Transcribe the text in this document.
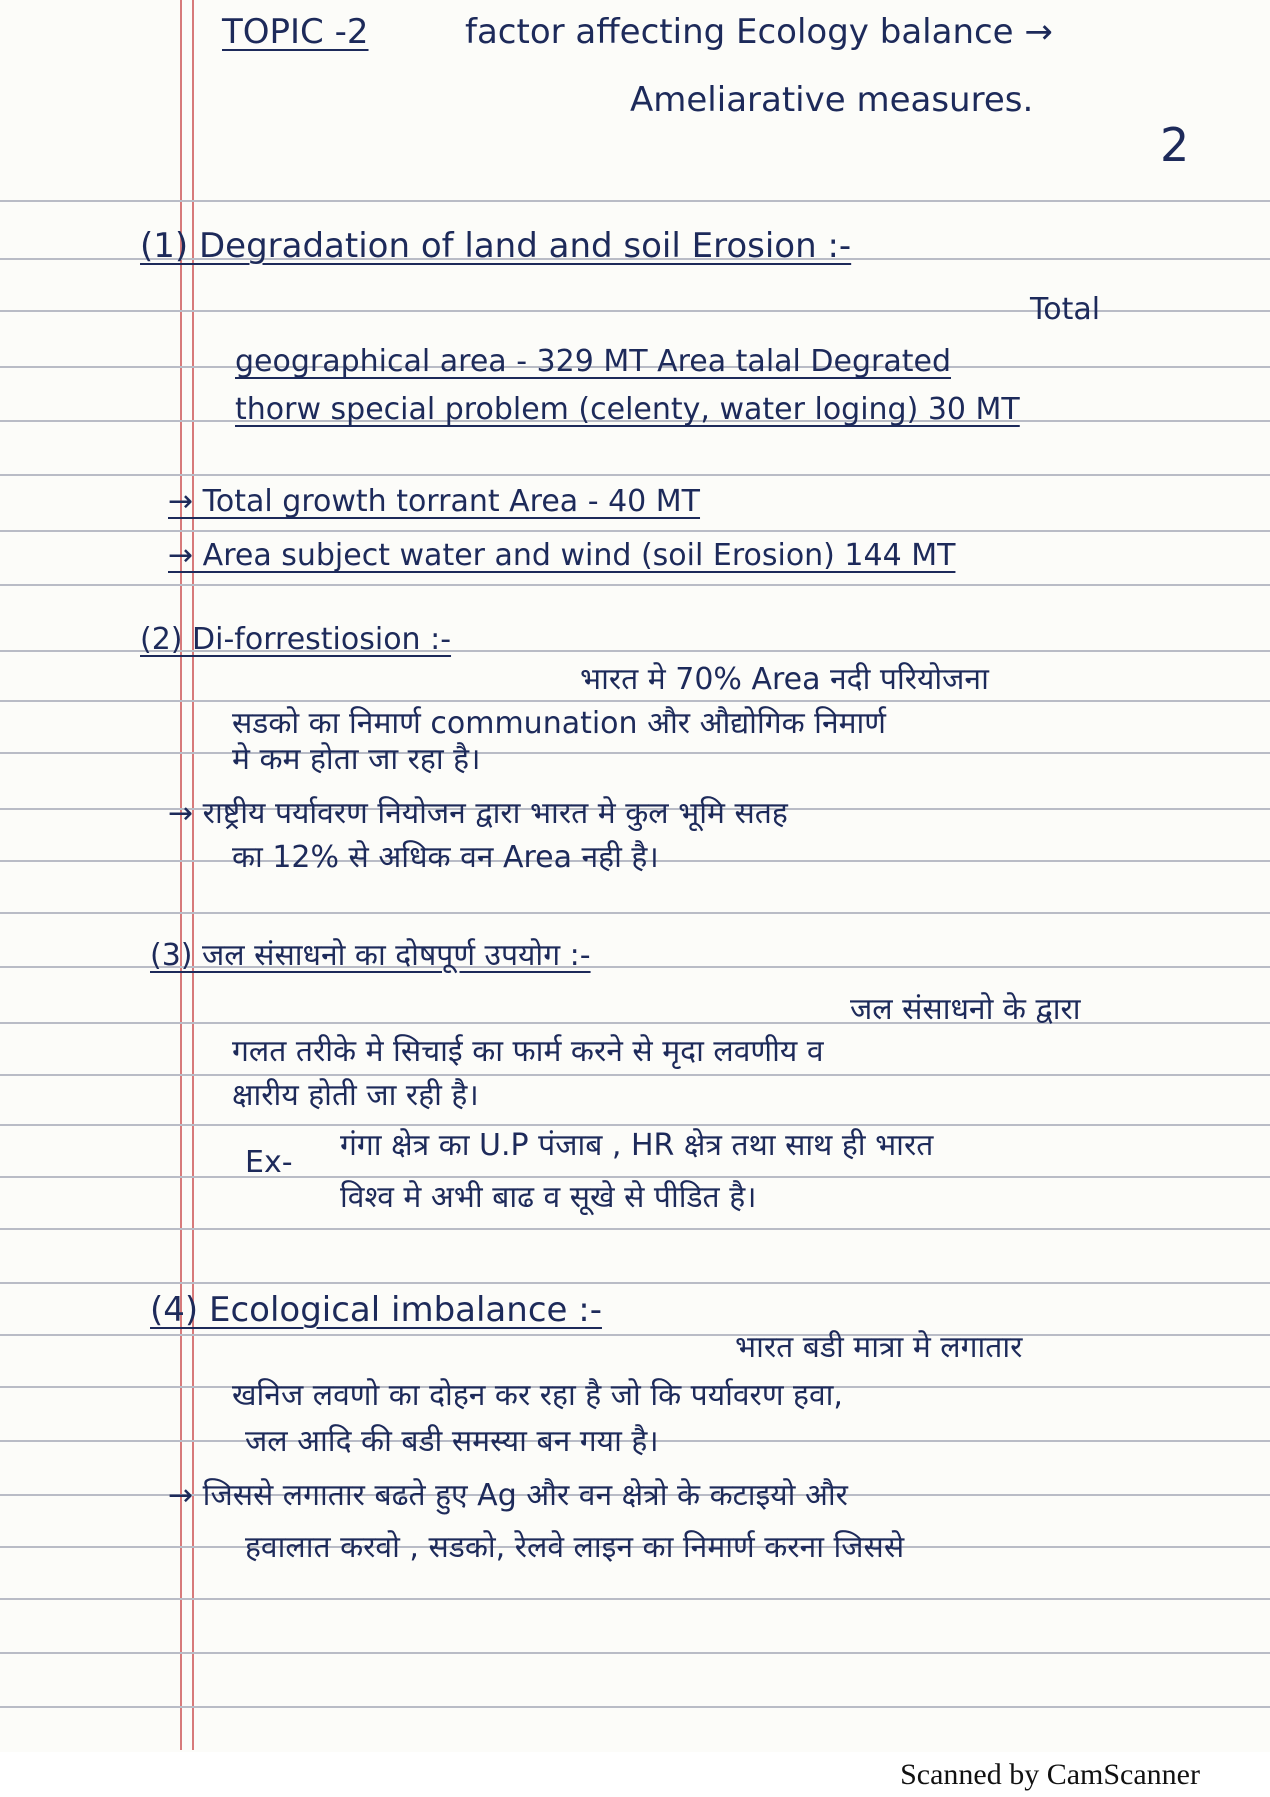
TOPIC -2	factor affecting Ecology balance →
Ameliarative measures.
2
(1) Degradation of land and soil Erosion :-
Total
geographical area - 329 MT Area talal Degrated
thorw special problem (celenty, water loging) 30 MT
→ Total growth torrant Area - 40 MT
→ Area subject water and wind (soil Erosion) 144 MT
(2) Di-forrestiosion :-
भारत मे 70% Area नदी परियोजना
सडको का निमार्ण communation और औद्योगिक निमार्ण
मे कम होता जा रहा है।
→ राष्ट्रीय पर्यावरण नियोजन द्वारा भारत मे कुल भूमि सतह
का 12% से अधिक वन Area नही है।
(3) जल संसाधनो का दोषपूर्ण उपयोग :-
जल संसाधनो के द्वारा
गलत तरीके मे सिचाई का फार्म करने से मृदा लवणीय व
क्षारीय होती जा रही है।
Ex- गंगा क्षेत्र का U.P पंजाब , HR क्षेत्र तथा साथ ही भारत
विश्व मे अभी बाढ व सूखे से पीडित है।
(4) Ecological imbalance :-
भारत बडी मात्रा मे लगातार
खनिज लवणो का दोहन कर रहा है जो कि पर्यावरण हवा,
जल आदि की बडी समस्या बन गया है।
→ जिससे लगातार बढते हुए Ag और वन क्षेत्रो के कटाइयो और
हवालात करवो , सडको, रेलवे लाइन का निमार्ण करना जिससे
Scanned by CamScanner
